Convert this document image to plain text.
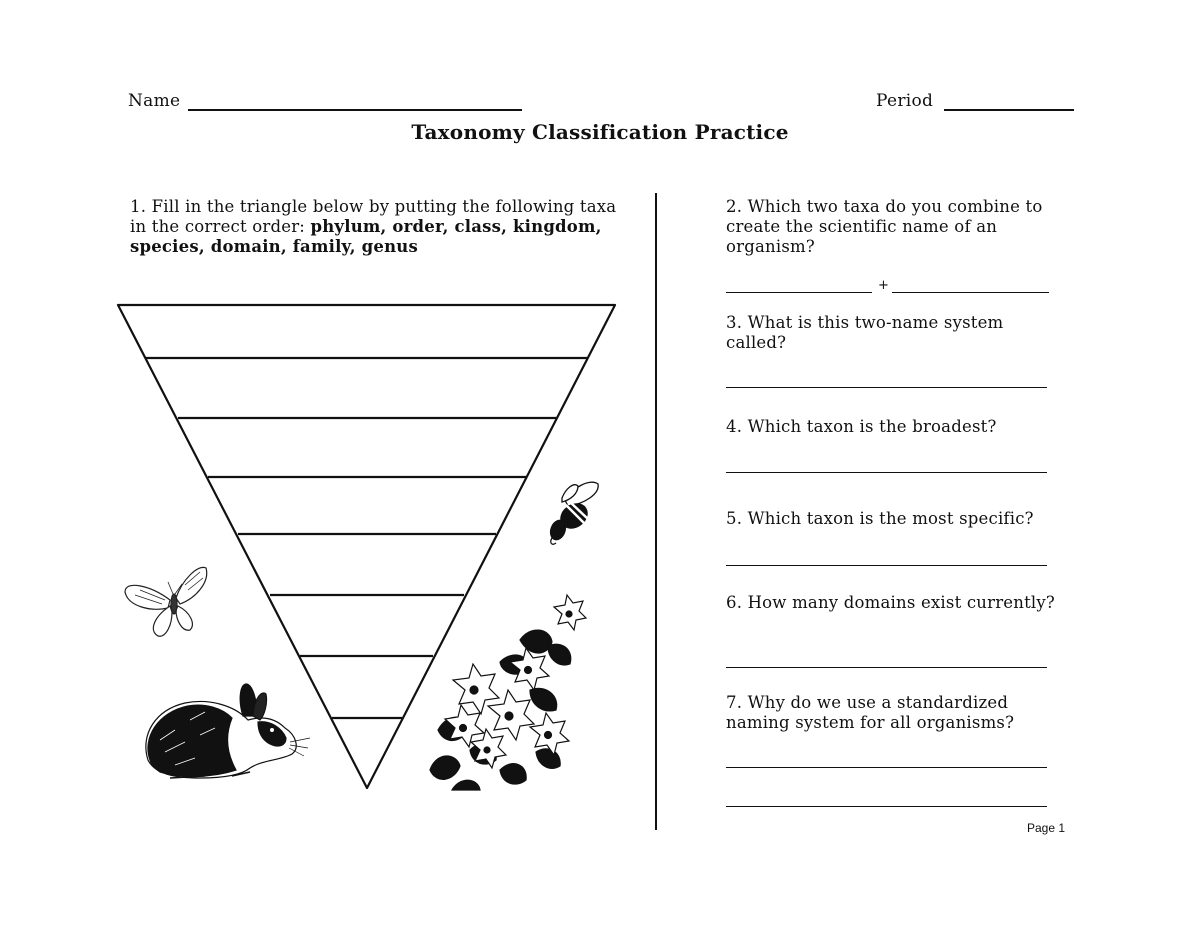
Name	Period
Taxonomy Classification Practice
1. Fill in the triangle below by putting the following taxa in the correct order: phylum, order, class, kingdom, species, domain, family, genus
2. Which two taxa do you combine to create the scientific name of an organism?
+
3. What is this two-name system called?
4. Which taxon is the broadest?
5. Which taxon is the most specific?
6. How many domains exist currently?
7. Why do we use a standardized naming system for all organisms?
Page 1
